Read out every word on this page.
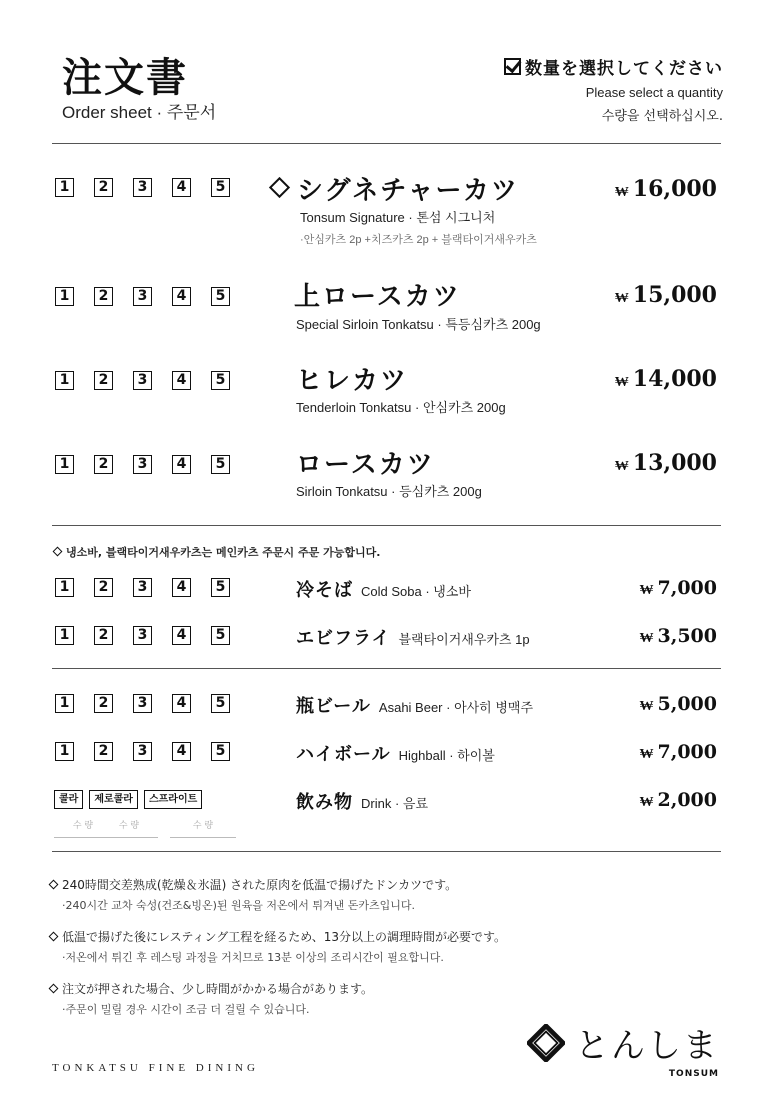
注文書
Order sheet · 주문서
数量を選択してください
Please select a quantity
수량을 선택하십시오.
1	2	3	4	5	シグネチャーカツ
Tonsum Signature · 톤섬 시그니처
·안심카츠 2p +치즈카츠 2p + 블랙타이거새우카츠
₩ 16,000
1	2	3	4	5	上ロースカツ
Special Sirloin Tonkatsu · 특등심카츠 200g
₩ 15,000
1	2	3	4	5	ヒレカツ
Tenderloin Tonkatsu · 안심카츠 200g
₩ 14,000
1	2	3	4	5	ロースカツ
Sirloin Tonkatsu · 등심카츠 200g
₩ 13,000
냉소바, 블랙타이거새우카츠는 메인카츠 주문시 주문 가능합니다.
1	2	3	4	5	冷そば Cold Soba · 냉소바	₩ 7,000
1	2	3	4	5	エビフライ 블랙타이거새우카츠 1p	₩ 3,500
1	2	3	4	5	瓶ビール Asahi Beer · 아사히 병맥주	₩ 5,000
1	2	3	4	5	ハイボール Highball · 하이볼	₩ 7,000
콜라	제로콜라	스프라이트
수 량	수 량	수 량
飲み物 Drink · 음료	₩ 2,000
240時間交差熟成(乾燥＆氷温) された原肉を低温で揚げたドンカツです。
·240시간 교차 숙성(건조&빙온)된 원육을 저온에서 튀겨낸 돈카츠입니다.
低温で揚げた後にレスティング工程を経るため、13分以上の調理時間が必要です。
·저온에서 튀긴 후 레스팅 과정을 거치므로 13분 이상의 조리시간이 필요합니다.
注文が押された場合、少し時間がかかる場合があります。
·주문이 밀릴 경우 시간이 조금 더 걸릴 수 있습니다.
TONKATSU FINE DINING
とんしま
TONSUM
